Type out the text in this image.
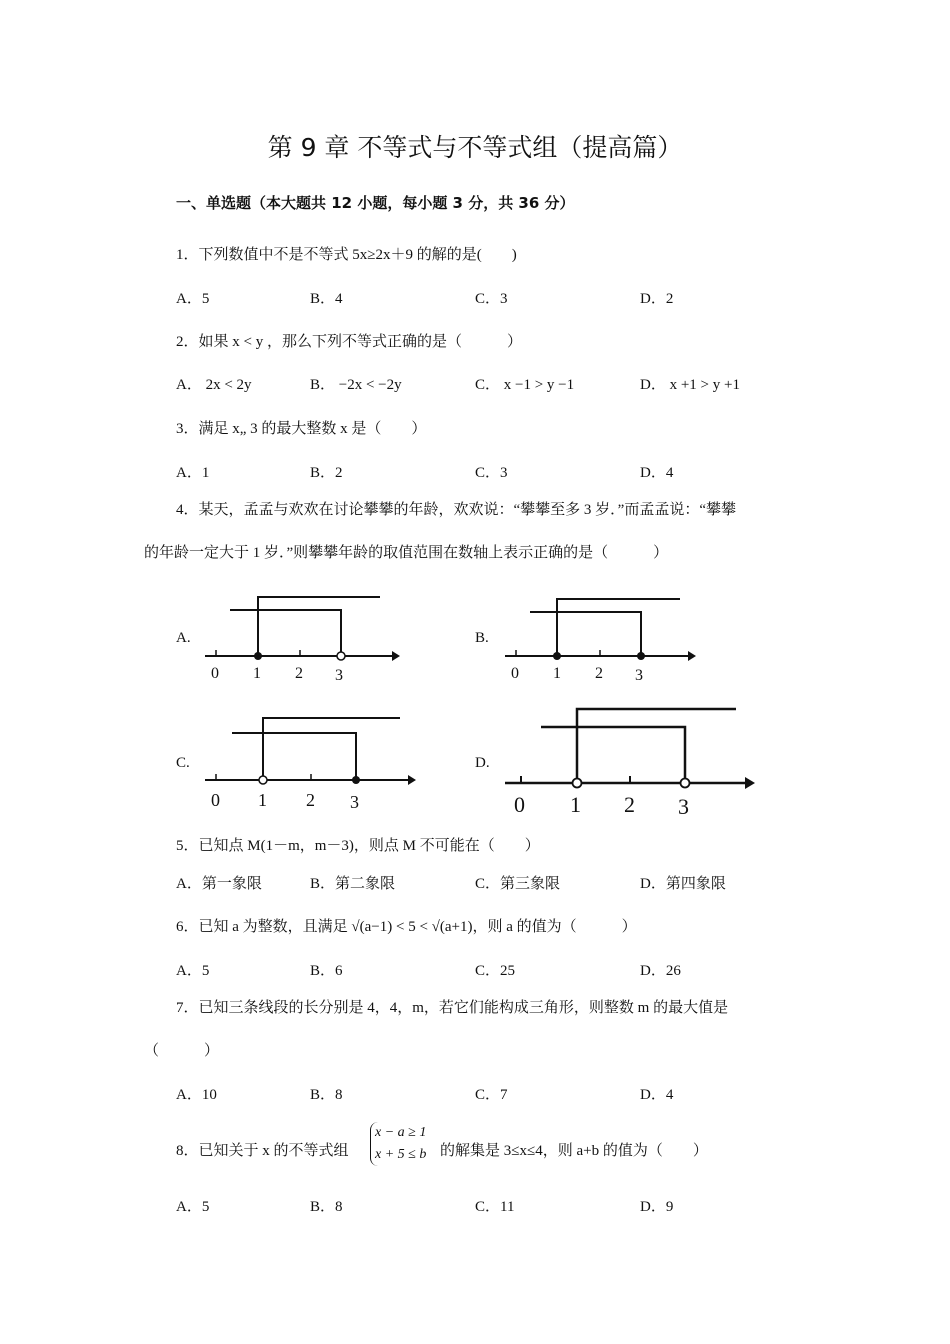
第 9 章 不等式与不等式组（提高篇）
一、单选题（本大题共 12 小题，每小题 3 分，共 36 分）
1．下列数值中不是不等式 5x≥2x＋9 的解的是(　　)
A．5	B．4	C．3	D．2
2．如果 x < y ，那么下列不等式正确的是（　　　）
A． 2x < 2y	B． −2x < −2y	C． x −1 > y −1	D． x +1 > y +1
3．满足 x„ 3 的最大整数 x 是（　　）
A．1	B．2	C．3	D．4
4．某天，孟孟与欢欢在讨论攀攀的年龄，欢欢说：“攀攀至多 3 岁．”而孟孟说：“攀攀
的年龄一定大于 1 岁．”则攀攀年龄的取值范围在数轴上表示正确的是（　　　）
A.	B.
C.	D.
0 1 2 3	0 1 2 3
0 1 2 3	0 1 2 3
5．已知点 M(1－m，m－3)，则点 M 不可能在（　　）
A．第一象限	B．第二象限	C．第三象限	D．第四象限
6．已知 a 为整数，且满足 √(a−1) < 5 < √(a+1)，则 a 的值为（　　　）
A．5	B．6	C．25	D．26
7．已知三条线段的长分别是 4，4，m，若它们能构成三角形，则整数 m 的最大值是
（　　　）
A．10	B．8	C．7	D．4
8．已知关于 x 的不等式组
x − a ≥ 1
x + 5 ≤ b 的解集是 3≤x≤4，则 a+b 的值为（　　）
A．5	B．8	C．11	D．9
